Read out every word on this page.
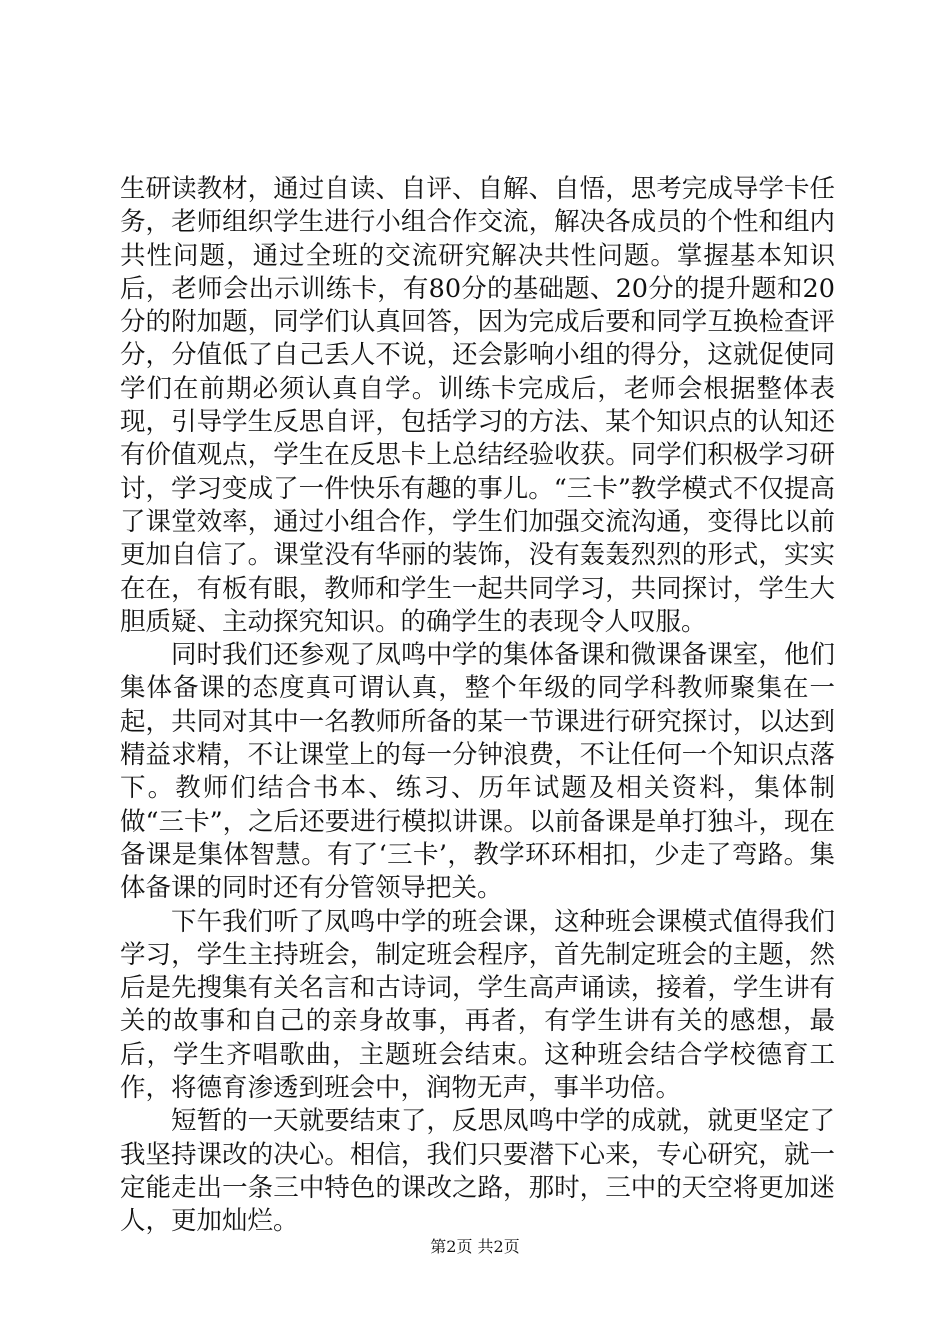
生研读教材，通过自读、自评、自解、自悟，思考完成导学卡任务，老师组织学生进行小组合作交流，解决各成员的个性和组内共性问题，通过全班的交流研究解决共性问题。掌握基本知识后，老师会出示训练卡，有80分的基础题、20分的提升题和20分的附加题，同学们认真回答，因为完成后要和同学互换检查评分，分值低了自己丢人不说，还会影响小组的得分，这就促使同学们在前期必须认真自学。训练卡完成后，老师会根据整体表现，引导学生反思自评，包括学习的方法、某个知识点的认知还有价值观点，学生在反思卡上总结经验收获。同学们积极学习研讨，学习变成了一件快乐有趣的事儿。“三卡”教学模式不仅提高了课堂效率，通过小组合作，学生们加强交流沟通，变得比以前更加自信了。课堂没有华丽的装饰，没有轰轰烈烈的形式，实实在在，有板有眼，教师和学生一起共同学习，共同探讨，学生大胆质疑、主动探究知识。的确学生的表现令人叹服。

同时我们还参观了凤鸣中学的集体备课和微课备课室，他们集体备课的态度真可谓认真，整个年级的同学科教师聚集在一起，共同对其中一名教师所备的某一节课进行研究探讨，以达到精益求精，不让课堂上的每一分钟浪费，不让任何一个知识点落下。教师们结合书本、练习、历年试题及相关资料，集体制做“三卡”，之后还要进行模拟讲课。以前备课是单打独斗，现在备课是集体智慧。有了‘三卡’，教学环环相扣，少走了弯路。集体备课的同时还有分管领导把关。

下午我们听了凤鸣中学的班会课，这种班会课模式值得我们学习，学生主持班会，制定班会程序，首先制定班会的主题，然后是先搜集有关名言和古诗词，学生高声诵读，接着，学生讲有关的故事和自己的亲身故事，再者，有学生讲有关的感想，最后，学生齐唱歌曲，主题班会结束。这种班会结合学校德育工作，将德育渗透到班会中，润物无声，事半功倍。

短暂的一天就要结束了，反思凤鸣中学的成就，就更坚定了我坚持课改的决心。相信，我们只要潜下心来，专心研究，就一定能走出一条三中特色的课改之路，那时，三中的天空将更加迷人，更加灿烂。

第2页 共2页
